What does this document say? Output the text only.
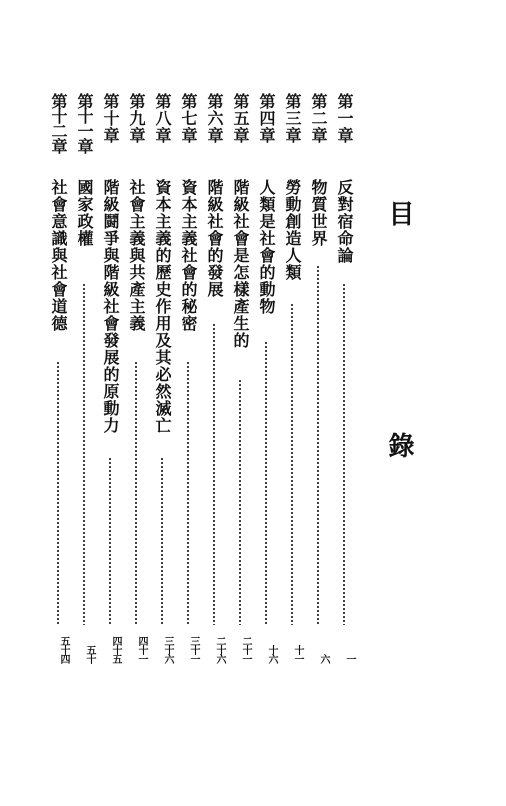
目　錄
第一章
反對宿命論
一
第二章
物質世界
六
第三章
勞動創造人類
十一
第四章
人類是社會的動物
十六
第五章
階級社會是怎樣產生的
二十一
第六章
階級社會的發展
二十六
第七章
資本主義社會的秘密
三十一
第八章
資本主義的歷史作用及其必然滅亡
三十六
第九章
社會主義與共產主義
四十一
第十章
階級鬪爭與階級社會發展的原動力
四十五
第十一章
國家政權
五十
第十二章
社會意識與社會道德
五十四
